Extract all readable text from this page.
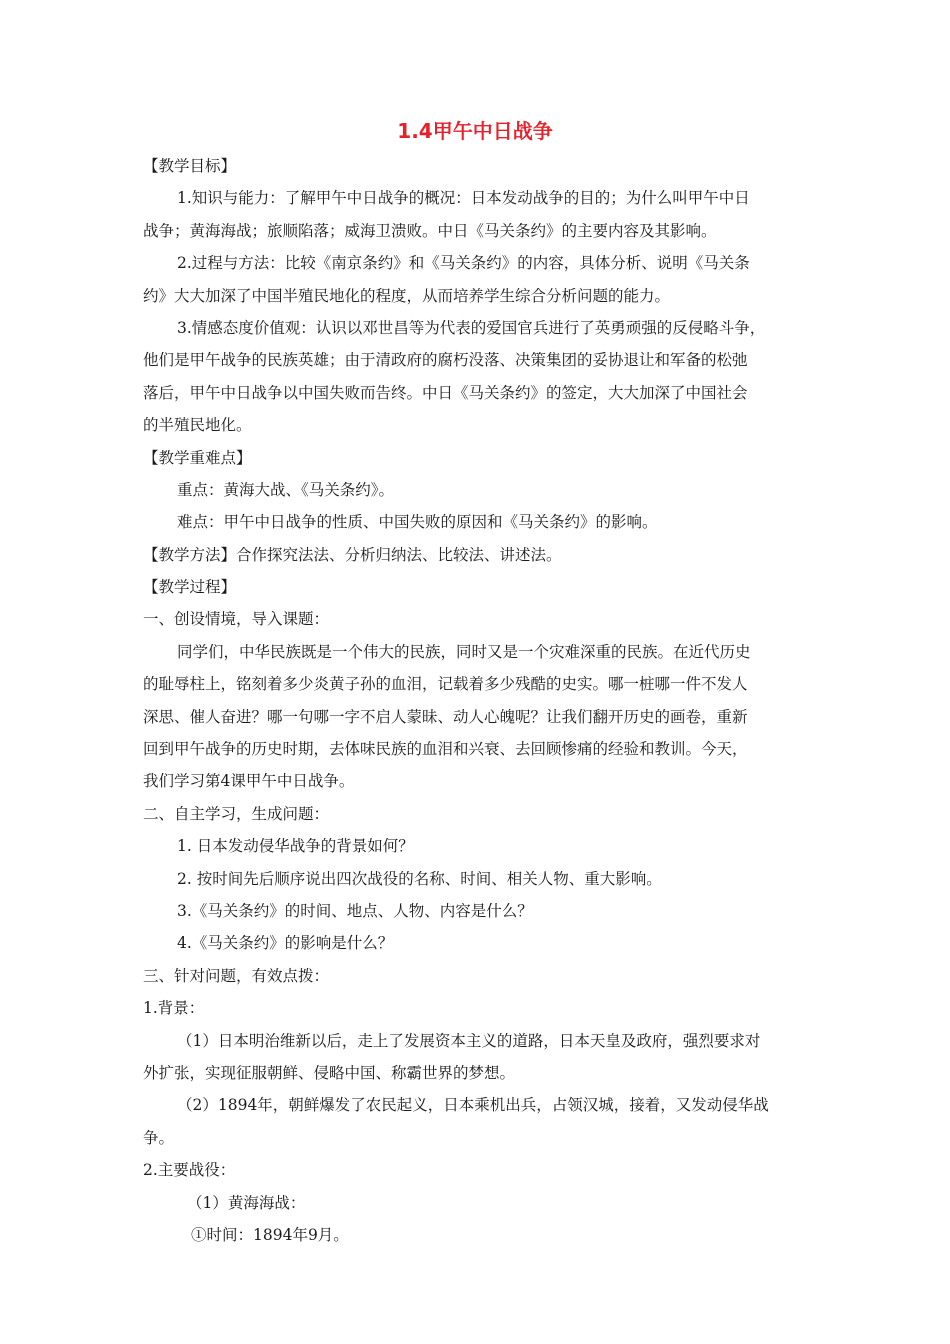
1.4甲午中日战争
【教学目标】
1.知识与能力：了解甲午中日战争的概况：日本发动战争的目的；为什么叫甲午中日
战争；黄海海战；旅顺陷落；威海卫溃败。中日《马关条约》的主要内容及其影响。
2.过程与方法：比较《南京条约》和《马关条约》的内容，具体分析、说明《马关条
约》大大加深了中国半殖民地化的程度，从而培养学生综合分析问题的能力。
3.情感态度价值观：认识以邓世昌等为代表的爱国官兵进行了英勇顽强的反侵略斗争，
他们是甲午战争的民族英雄；由于清政府的腐朽没落、决策集团的妥协退让和军备的松弛
落后，甲午中日战争以中国失败而告终。中日《马关条约》的签定，大大加深了中国社会
的半殖民地化。
【教学重难点】
重点：黄海大战、《马关条约》。
难点：甲午中日战争的性质、中国失败的原因和《马关条约》的影响。
【教学方法】合作探究法法、分析归纳法、比较法、讲述法。
【教学过程】
一、创设情境，导入课题：
同学们，中华民族既是一个伟大的民族，同时又是一个灾难深重的民族。在近代历史
的耻辱柱上，铭刻着多少炎黄子孙的血泪，记载着多少残酷的史实。哪一桩哪一件不发人
深思、催人奋进？哪一句哪一字不启人蒙昧、动人心魄呢？让我们翻开历史的画卷，重新
回到甲午战争的历史时期，去体味民族的血泪和兴衰、去回顾惨痛的经验和教训。今天，
我们学习第4课甲午中日战争。
二、自主学习，生成问题：
1. 日本发动侵华战争的背景如何？
2. 按时间先后顺序说出四次战役的名称、时间、相关人物、重大影响。
3.《马关条约》的时间、地点、人物、内容是什么？
4.《马关条约》的影响是什么？
三、针对问题，有效点拨：
1.背景：
（1）日本明治维新以后，走上了发展资本主义的道路，日本天皇及政府，强烈要求对
外扩张，实现征服朝鲜、侵略中国、称霸世界的梦想。
（2）1894年，朝鲜爆发了农民起义，日本乘机出兵，占领汉城，接着，又发动侵华战
争。
2.主要战役：
（1）黄海海战：
①时间：1894年9月。
